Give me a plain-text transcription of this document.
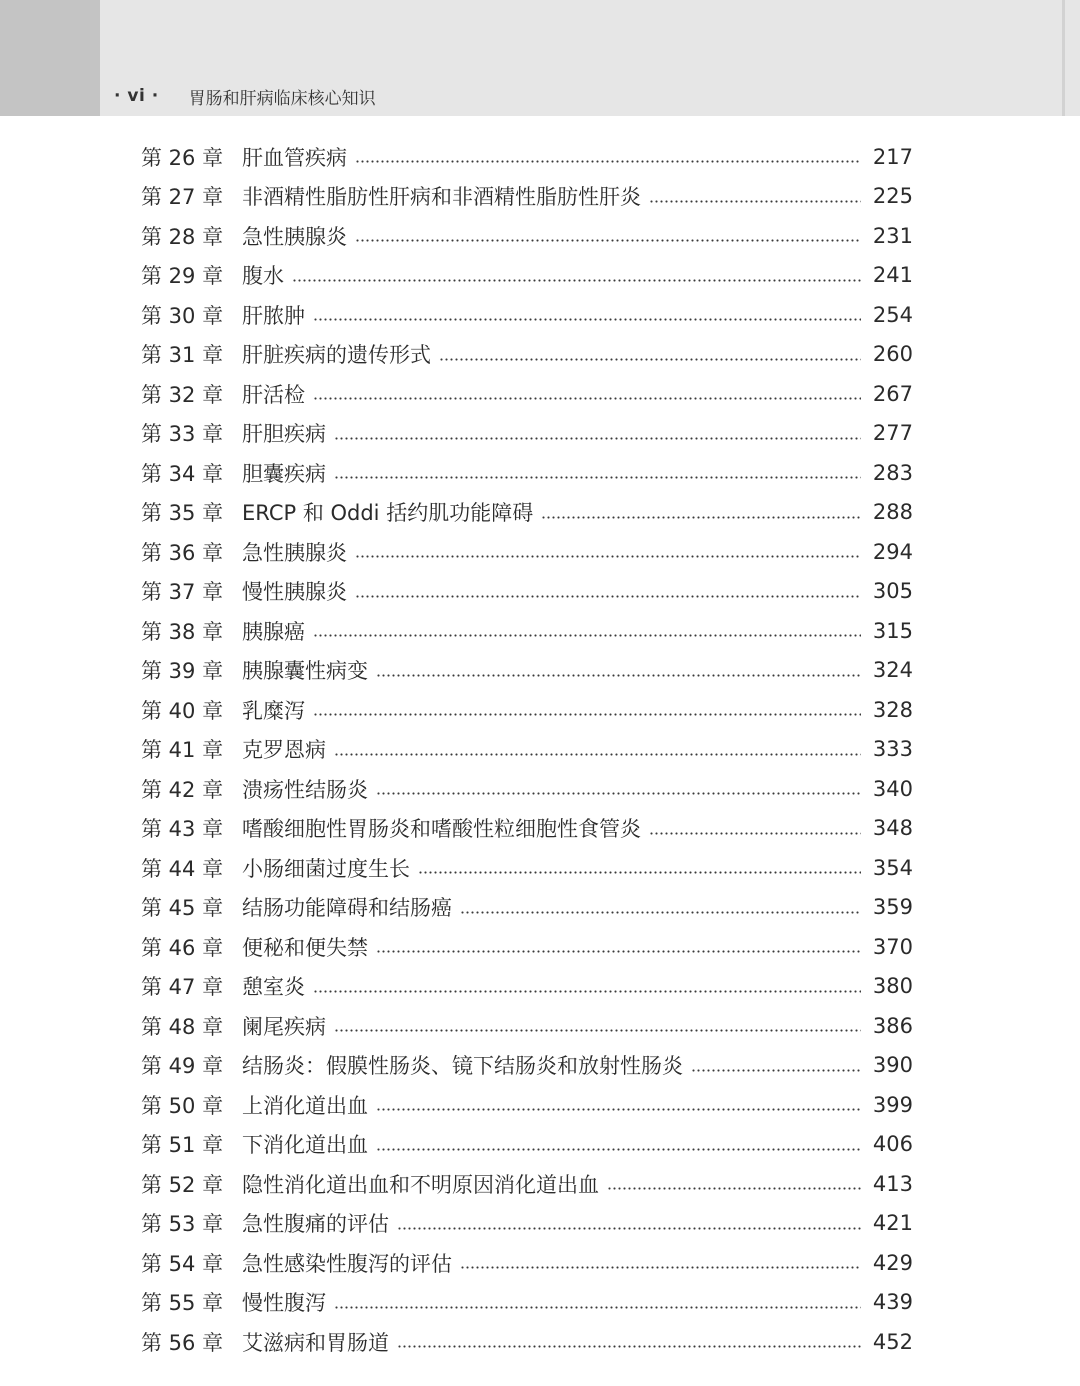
· vi · 胃肠和肝病临床核心知识
第 26 章 肝血管疾病	217
第 27 章 非酒精性脂肪性肝病和非酒精性脂肪性肝炎	225
第 28 章 急性胰腺炎	231
第 29 章 腹水	241
第 30 章 肝脓肿	254
第 31 章 肝脏疾病的遗传形式	260
第 32 章 肝活检	267
第 33 章 肝胆疾病	277
第 34 章 胆囊疾病	283
第 35 章 ERCP 和 Oddi 括约肌功能障碍	288
第 36 章 急性胰腺炎	294
第 37 章 慢性胰腺炎	305
第 38 章 胰腺癌	315
第 39 章 胰腺囊性病变	324
第 40 章 乳糜泻	328
第 41 章 克罗恩病	333
第 42 章 溃疡性结肠炎	340
第 43 章 嗜酸细胞性胃肠炎和嗜酸性粒细胞性食管炎	348
第 44 章 小肠细菌过度生长	354
第 45 章 结肠功能障碍和结肠癌	359
第 46 章 便秘和便失禁	370
第 47 章 憩室炎	380
第 48 章 阑尾疾病	386
第 49 章 结肠炎：假膜性肠炎、镜下结肠炎和放射性肠炎	390
第 50 章 上消化道出血	399
第 51 章 下消化道出血	406
第 52 章 隐性消化道出血和不明原因消化道出血	413
第 53 章 急性腹痛的评估	421
第 54 章 急性感染性腹泻的评估	429
第 55 章 慢性腹泻	439
第 56 章 艾滋病和胃肠道	452
